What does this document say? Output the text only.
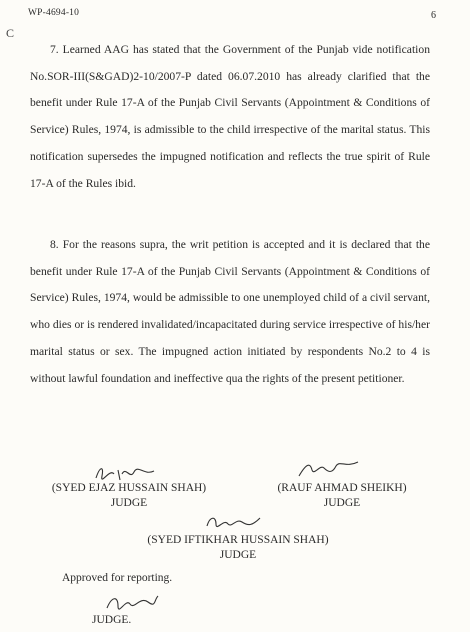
WP-4694-10	6
C
7. Learned AAG has stated that the Government of the Punjab vide notification No.SOR-III(S&GAD)2-10/2007-P dated 06.07.2010 has already clarified that the benefit under Rule 17-A of the Punjab Civil Servants (Appointment & Conditions of Service) Rules, 1974, is admissible to the child irrespective of the marital status. This notification supersedes the impugned notification and reflects the true spirit of Rule 17-A of the Rules ibid.
8. For the reasons supra, the writ petition is accepted and it is declared that the benefit under Rule 17-A of the Punjab Civil Servants (Appointment & Conditions of Service) Rules, 1974, would be admissible to one unemployed child of a civil servant, who dies or is rendered invalidated/incapacitated during service irrespective of his/her marital status or sex. The impugned action initiated by respondents No.2 to 4 is without lawful foundation and ineffective qua the rights of the present petitioner.
(SYED EJAZ HUSSAIN SHAH)
JUDGE
(RAUF AHMAD SHEIKH)
JUDGE
(SYED IFTIKHAR HUSSAIN SHAH)
JUDGE
Approved for reporting.
JUDGE.
